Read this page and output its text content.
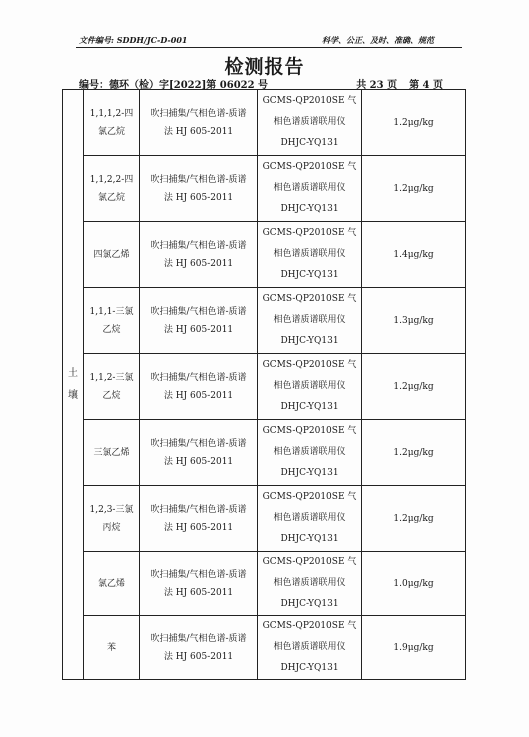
文件编号: SDDH/JC-D-001	科学、公正、及时、准确、规范
检测报告
编号：德环（检）字[2022]第 06022 号	共 23 页 第 4 页
土壤	1,1,1,2-四氯乙烷	吹扫捕集/气相色谱-质谱法 HJ 605-2011	GCMS-QP2010SE 气相色谱质谱联用仪 DHJC-YQ131	1.2μg/kg
	1,1,2,2-四氯乙烷	吹扫捕集/气相色谱-质谱法 HJ 605-2011	GCMS-QP2010SE 气相色谱质谱联用仪 DHJC-YQ131	1.2μg/kg
	四氯乙烯	吹扫捕集/气相色谱-质谱法 HJ 605-2011	GCMS-QP2010SE 气相色谱质谱联用仪 DHJC-YQ131	1.4μg/kg
	1,1,1-三氯乙烷	吹扫捕集/气相色谱-质谱法 HJ 605-2011	GCMS-QP2010SE 气相色谱质谱联用仪 DHJC-YQ131	1.3μg/kg
	1,1,2-三氯乙烷	吹扫捕集/气相色谱-质谱法 HJ 605-2011	GCMS-QP2010SE 气相色谱质谱联用仪 DHJC-YQ131	1.2μg/kg
	三氯乙烯	吹扫捕集/气相色谱-质谱法 HJ 605-2011	GCMS-QP2010SE 气相色谱质谱联用仪 DHJC-YQ131	1.2μg/kg
	1,2,3-三氯丙烷	吹扫捕集/气相色谱-质谱法 HJ 605-2011	GCMS-QP2010SE 气相色谱质谱联用仪 DHJC-YQ131	1.2μg/kg
	氯乙烯	吹扫捕集/气相色谱-质谱法 HJ 605-2011	GCMS-QP2010SE 气相色谱质谱联用仪 DHJC-YQ131	1.0μg/kg
	苯	吹扫捕集/气相色谱-质谱法 HJ 605-2011	GCMS-QP2010SE 气相色谱质谱联用仪 DHJC-YQ131	1.9μg/kg
